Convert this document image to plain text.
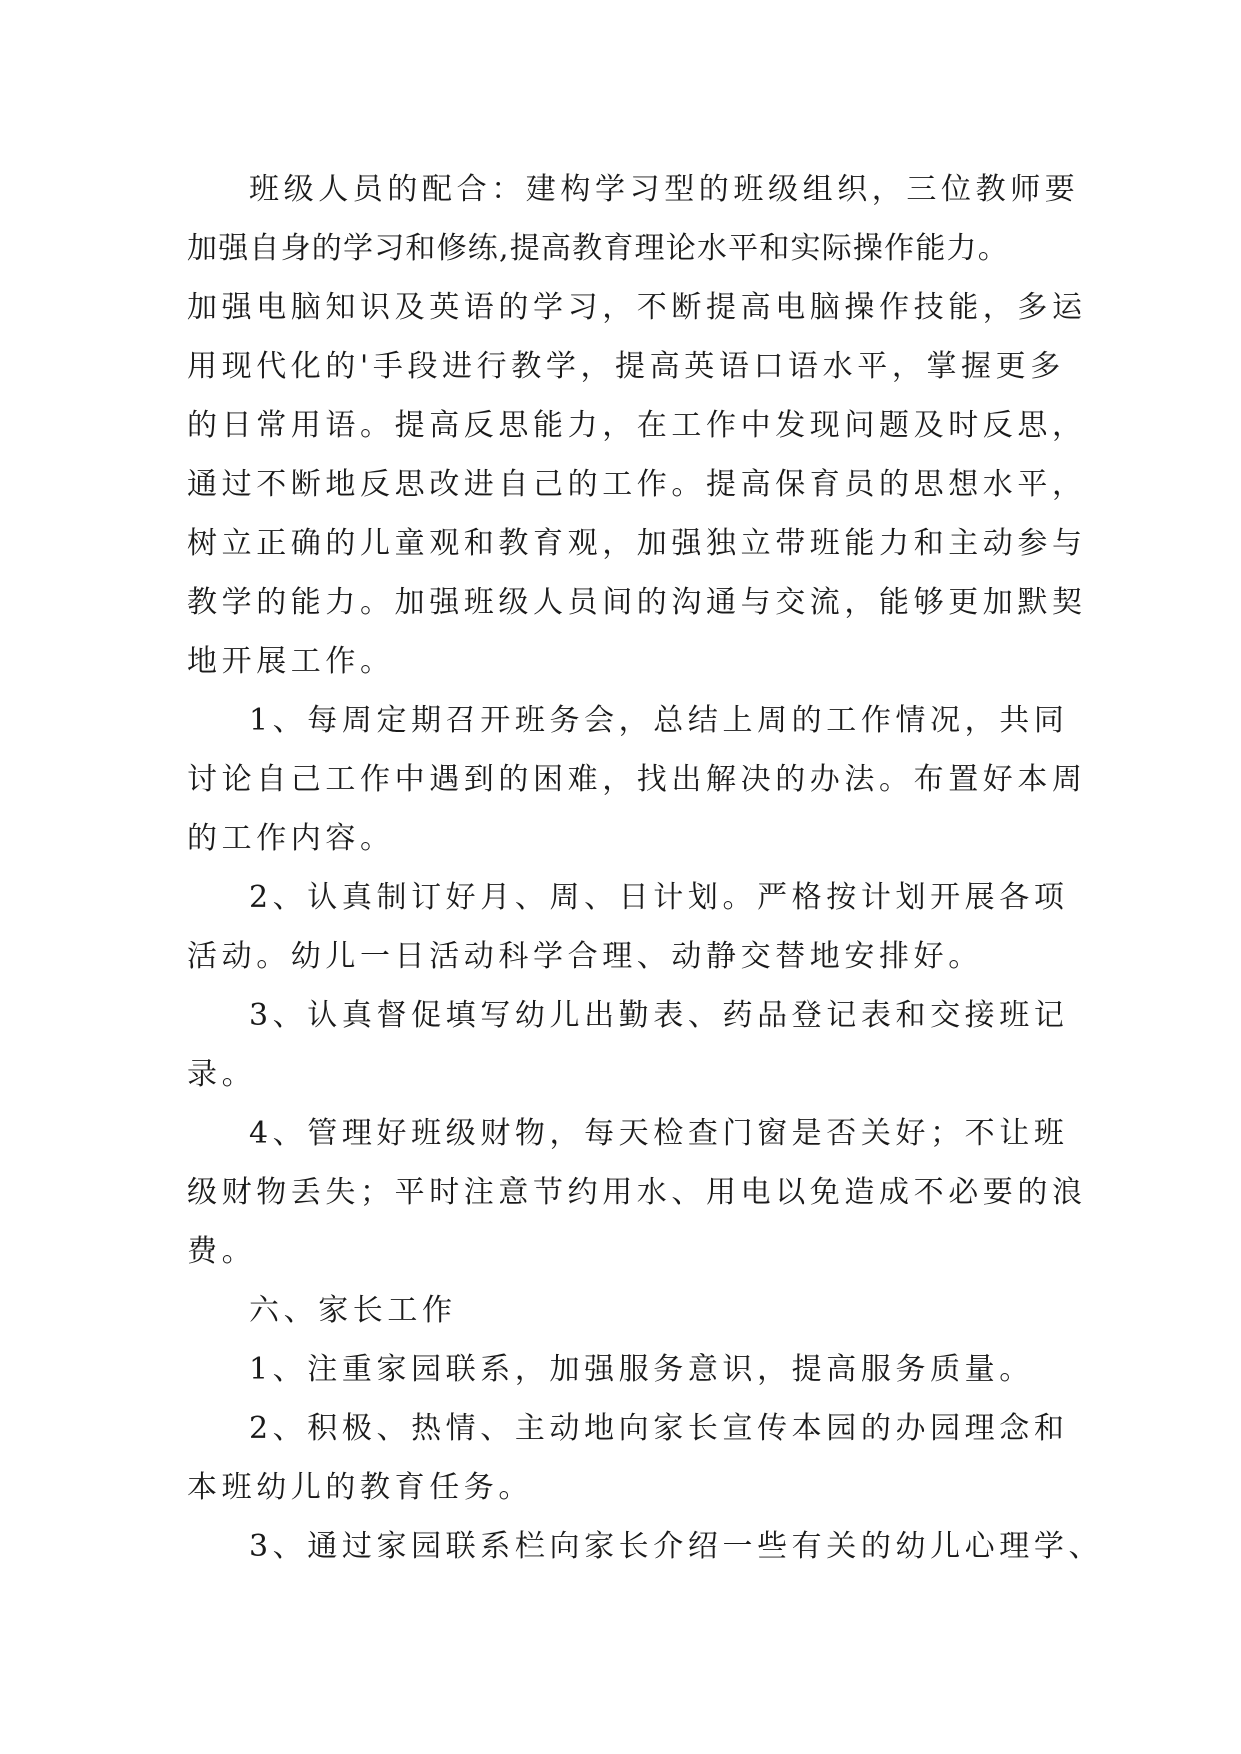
班级人员的配合：建构学习型的班级组织，三位教师要
加强自身的学习和修练,提高教育理论水平和实际操作能力。
加强电脑知识及英语的学习，不断提高电脑操作技能，多运
用现代化的'手段进行教学，提高英语口语水平，掌握更多
的日常用语。提高反思能力，在工作中发现问题及时反思，
通过不断地反思改进自己的工作。提高保育员的思想水平，
树立正确的儿童观和教育观，加强独立带班能力和主动参与
教学的能力。加强班级人员间的沟通与交流，能够更加默契
地开展工作。
1、每周定期召开班务会，总结上周的工作情况，共同
讨论自己工作中遇到的困难，找出解决的办法。布置好本周
的工作内容。
2、认真制订好月、周、日计划。严格按计划开展各项
活动。幼儿一日活动科学合理、动静交替地安排好。
3、认真督促填写幼儿出勤表、药品登记表和交接班记
录。
4、管理好班级财物，每天检查门窗是否关好；不让班
级财物丢失；平时注意节约用水、用电以免造成不必要的浪
费。
六、家长工作
1、注重家园联系，加强服务意识，提高服务质量。
2、积极、热情、主动地向家长宣传本园的办园理念和
本班幼儿的教育任务。
3、通过家园联系栏向家长介绍一些有关的幼儿心理学、
